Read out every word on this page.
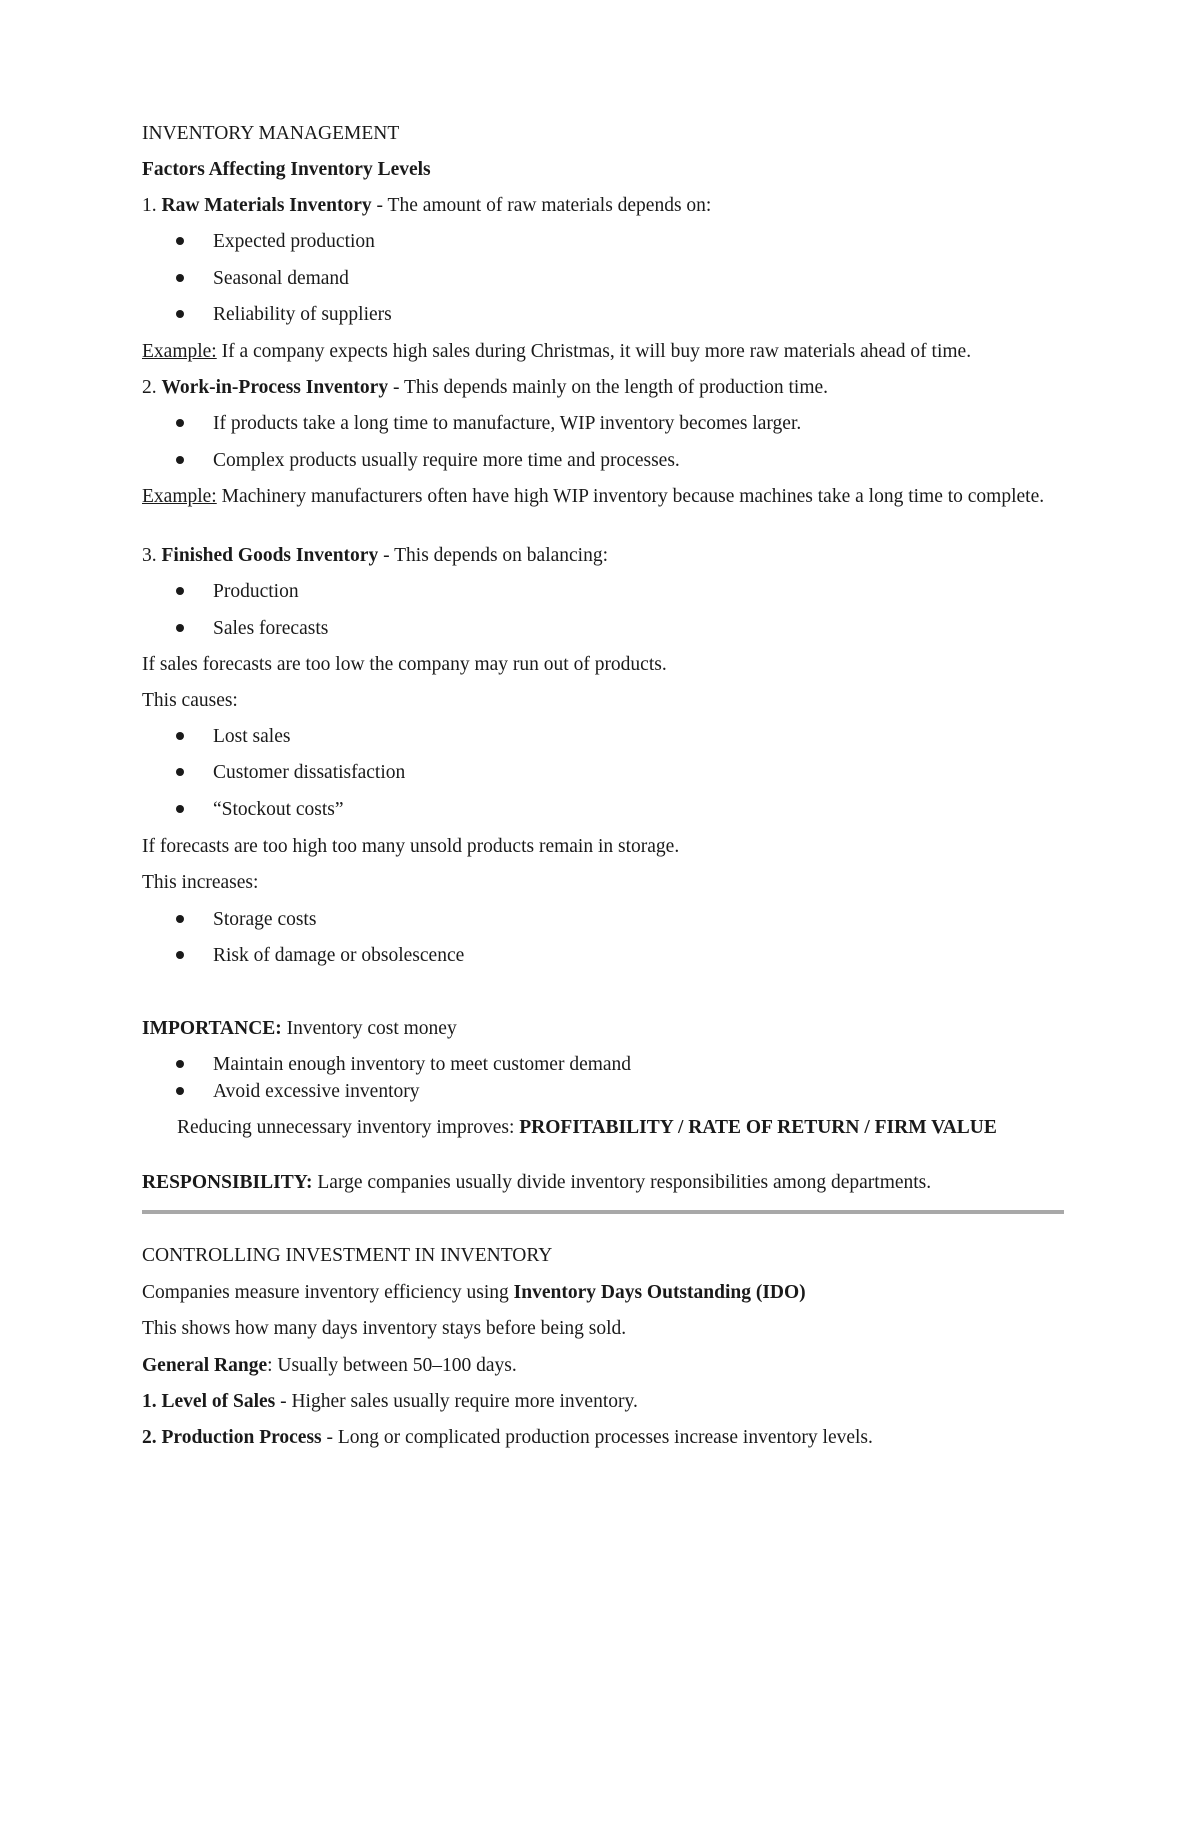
INVENTORY MANAGEMENT
Factors Affecting Inventory Levels
1. Raw Materials Inventory - The amount of raw materials depends on:
Expected production
Seasonal demand
Reliability of suppliers
Example: If a company expects high sales during Christmas, it will buy more raw materials ahead of time.
2. Work-in-Process Inventory - This depends mainly on the length of production time.
If products take a long time to manufacture, WIP inventory becomes larger.
Complex products usually require more time and processes.
Example: Machinery manufacturers often have high WIP inventory because machines take a long time to complete.
3. Finished Goods Inventory - This depends on balancing:
Production
Sales forecasts
If sales forecasts are too low the company may run out of products.
This causes:
Lost sales
Customer dissatisfaction
“Stockout costs”
If forecasts are too high too many unsold products remain in storage.
This increases:
Storage costs
Risk of damage or obsolescence
IMPORTANCE: Inventory cost money
Maintain enough inventory to meet customer demand
Avoid excessive inventory
Reducing unnecessary inventory improves: PROFITABILITY / RATE OF RETURN / FIRM VALUE
RESPONSIBILITY: Large companies usually divide inventory responsibilities among departments.
CONTROLLING INVESTMENT IN INVENTORY
Companies measure inventory efficiency using Inventory Days Outstanding (IDO)
This shows how many days inventory stays before being sold.
General Range: Usually between 50–100 days.
1. Level of Sales - Higher sales usually require more inventory.
2. Production Process - Long or complicated production processes increase inventory levels.
